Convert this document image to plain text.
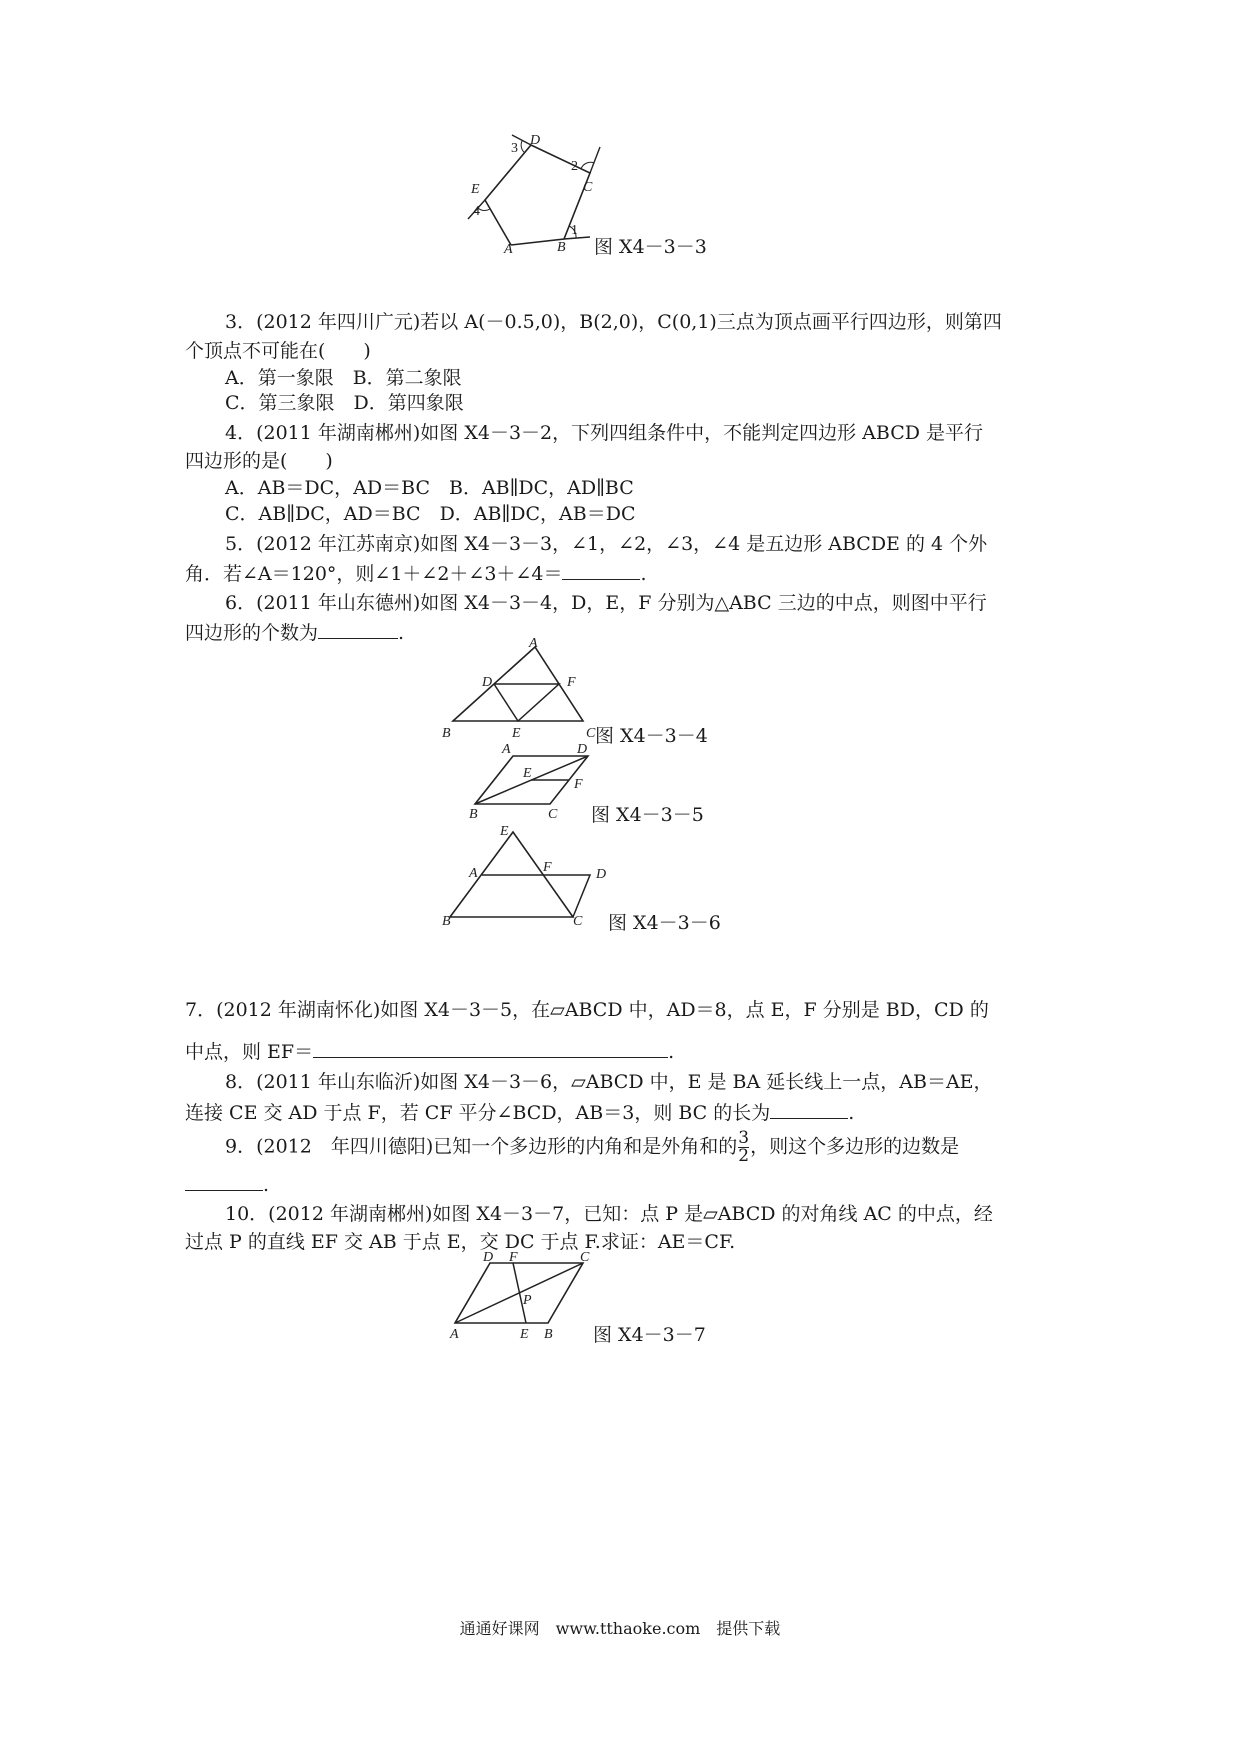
A	B
C
D
E
1
2
3
4
图 X4－3－3
3．(2012 年四川广元)若以 A(－0.5,0)，B(2,0)，C(0,1)三点为顶点画平行四边形，则第四
个顶点不可能在(　　)
A．第一象限　B．第二象限
C．第三象限　D．第四象限
4．(2011 年湖南郴州)如图 X4－3－2，下列四组条件中，不能判定四边形 ABCD 是平行
四边形的是(　　)
A．AB＝DC，AD＝BC　B．AB∥DC，AD∥BC
C．AB∥DC，AD＝BC　D．AB∥DC，AB＝DC
5．(2012 年江苏南京)如图 X4－3－3，∠1，∠2，∠3，∠4 是五边形 ABCDE 的 4 个外
角．若∠A＝120°，则∠1＋∠2＋∠3＋∠4＝	.
6．(2011 年山东德州)如图 X4－3－4，D，E，F 分别为△ABC 三边的中点，则图中平行
四边形的个数为	.	A
B	C
D
E
F
图 X4－3－4
A
B	C
D
E
F
图 X4－3－5
A
B	C
D
E
F
图 X4－3－6
7．(2012 年湖南怀化)如图 X4－3－5，在▱ABCD 中，AD＝8，点 E，F 分别是 BD，CD 的
中点，则 EF＝	.
8．(2011 年山东临沂)如图 X4－3－6，▱ABCD 中，E 是 BA 延长线上一点，AB＝AE，
连接 CE 交 AD 于点 F，若 CF 平分∠BCD，AB＝3，则 BC 的长为	.
9．(2012　年四川德阳)已知一个多边形的内角和是外角和的 $\frac{3}{2}$ ，则这个多边形的边数是
.
10．(2012 年湖南郴州)如图 X4－3－7，已知：点 P 是▱ABCD 的对角线 AC 的中点，经
过点 P 的直线 EF 交 AB 于点 E，交 DC 于点 F.求证：AE＝CF.
A	B
C
D
E
F
P
图 X4－3－7
通通好课网　www.tthaoke.com　提供下载
